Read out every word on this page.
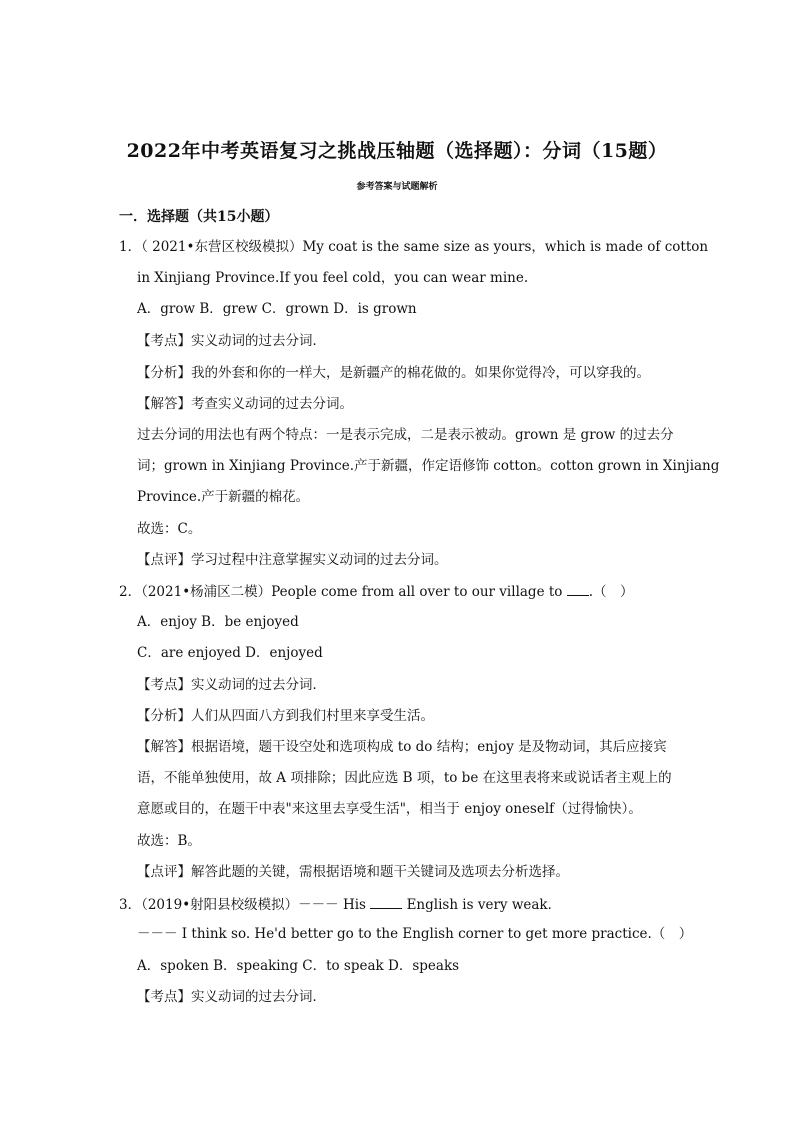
2022年中考英语复习之挑战压轴题（选择题）：分词（15题）
参考答案与试题解析
一．选择题（共15小题）
1．（ 2021•东营区校级模拟）My coat is the same size as yours，which is made of cotton
in Xinjiang Province.If you feel cold，you can wear mine.
A．grow B．grew C．grown D．is grown
【考点】实义动词的过去分词．
【分析】我的外套和你的一样大，是新疆产的棉花做的。如果你觉得冷，可以穿我的。
【解答】考查实义动词的过去分词。
过去分词的用法也有两个特点：一是表示完成，二是表示被动。grown 是 grow 的过去分
词；grown in Xinjiang Province.产于新疆，作定语修饰 cotton。cotton grown in Xinjiang
Province.产于新疆的棉花。
故选：C。
【点评】学习过程中注意掌握实义动词的过去分词。
2．（2021•杨浦区二模）People come from all over to our village to .（　）
A．enjoy B．be enjoyed
C．are enjoyed D．enjoyed
【考点】实义动词的过去分词．
【分析】人们从四面八方到我们村里来享受生活。
【解答】根据语境，题干设空处和选项构成 to do 结构；enjoy 是及物动词，其后应接宾
语，不能单独使用，故 A 项排除；因此应选 B 项，to be 在这里表将来或说话者主观上的
意愿或目的，在题干中表"来这里去享受生活"，相当于 enjoy oneself（过得愉快）。
故选：B。
【点评】解答此题的关键，需根据语境和题干关键词及选项去分析选择。
3．（2019•射阳县校级模拟）－－－ His	English is very weak．
－－－ I think so. He'd better go to the English corner to get more practice.（　）
A．spoken B．speaking C．to speak D．speaks
【考点】实义动词的过去分词．
